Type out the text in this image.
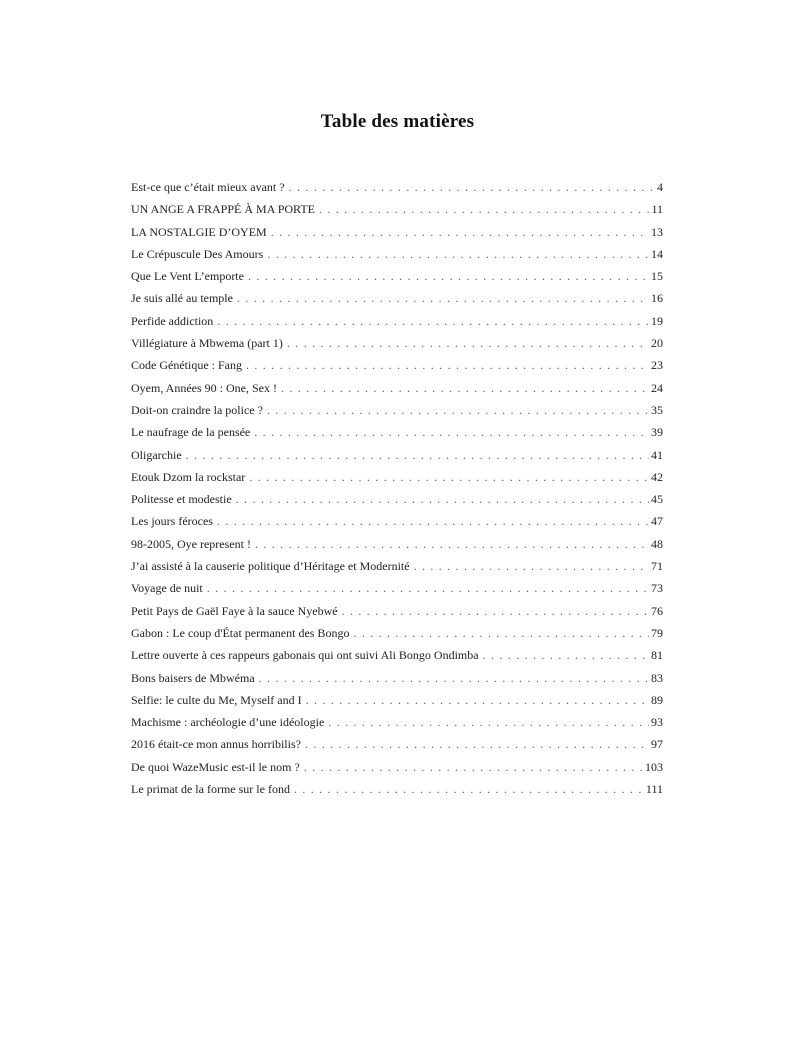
Table des matières
Est-ce que c’était mieux avant ? . . .	4
UN ANGE A FRAPPÉ À MA PORTE . . .	11
LA NOSTALGIE D’OYEM . . .	13
Le Crépuscule Des Amours . . .	14
Que Le Vent L’emporte . . .	15
Je suis allé au temple . . .	16
Perfide addiction . . .	19
Villégiature à Mbwema (part 1) . . .	20
Code Génétique : Fang . . .	23
Oyem, Années 90 : One, Sex ! . . .	24
Doit-on craindre la police ? . . .	35
Le naufrage de la pensée . . .	39
Oligarchie . . .	41
Etouk Dzom la rockstar . . .	42
Politesse et modestie . . .	45
Les jours féroces . . .	47
98-2005, Oye represent ! . . .	48
J’ai assisté à la causerie politique d’Héritage et Modernité . . .	71
Voyage de nuit . . .	73
Petit Pays de Gaël Faye à la sauce Nyebwé . . .	76
Gabon : Le coup d'État permanent des Bongo . . .	79
Lettre ouverte à ces rappeurs gabonais qui ont suivi Ali Bongo Ondimba . . .	81
Bons baisers de Mbwéma . . .	83
Selfie: le culte du Me, Myself and I . . .	89
Machisme : archéologie d’une idéologie . . .	93
2016 était-ce mon annus horribilis? . . .	97
De quoi WazeMusic est-il le nom ? . . .	103
Le primat de la forme sur le fond . . .	111
